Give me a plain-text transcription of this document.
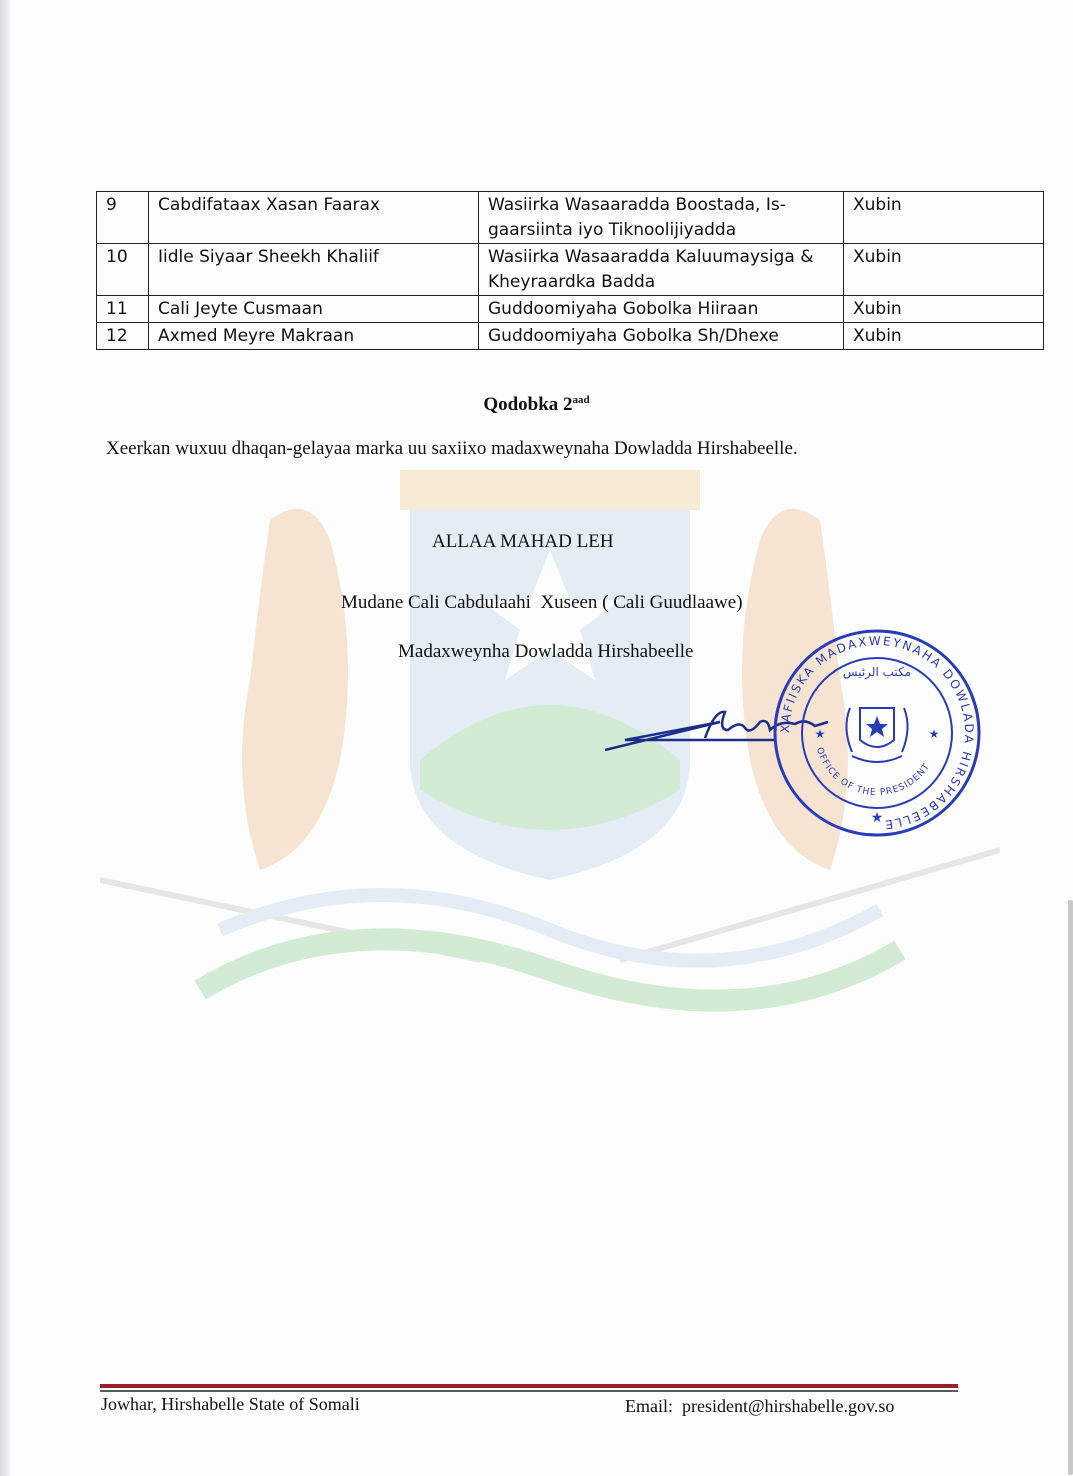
9	Cabdifataax Xasan Faarax	Wasiirka Wasaaradda Boostada, Is-
gaarsiinta iyo Tiknoolijiyadda	Xubin
10	Iidle Siyaar Sheekh Khaliif	Wasiirka Wasaaradda Kaluumaysiga &
Kheyraardka Badda	Xubin
11	Cali Jeyte Cusmaan	Guddoomiyaha Gobolka Hiiraan	Xubin
12	Axmed Meyre Makraan	Guddoomiyaha Gobolka Sh/Dhexe	Xubin
Qodobka $2^{aad}$
Xeerkan wuxuu dhaqan-gelayaa marka uu saxiixo madaxweynaha Dowladda Hirshabeelle.
ALLAA MAHAD LEH
Mudane Cali Cabdulaahi  Xuseen ( Cali Guudlaawe)
Madaxweynha Dowladda Hirshabeelle
XAFIISKA MADAXWEYNAHA DOWLADA HIRSHABEELLE
OFFICE OF THE PRESIDENT
مكتب الرئيس
★	★
★
Jowhar, Hirshabelle State of Somali	Email:  president@hirshabelle.gov.so
